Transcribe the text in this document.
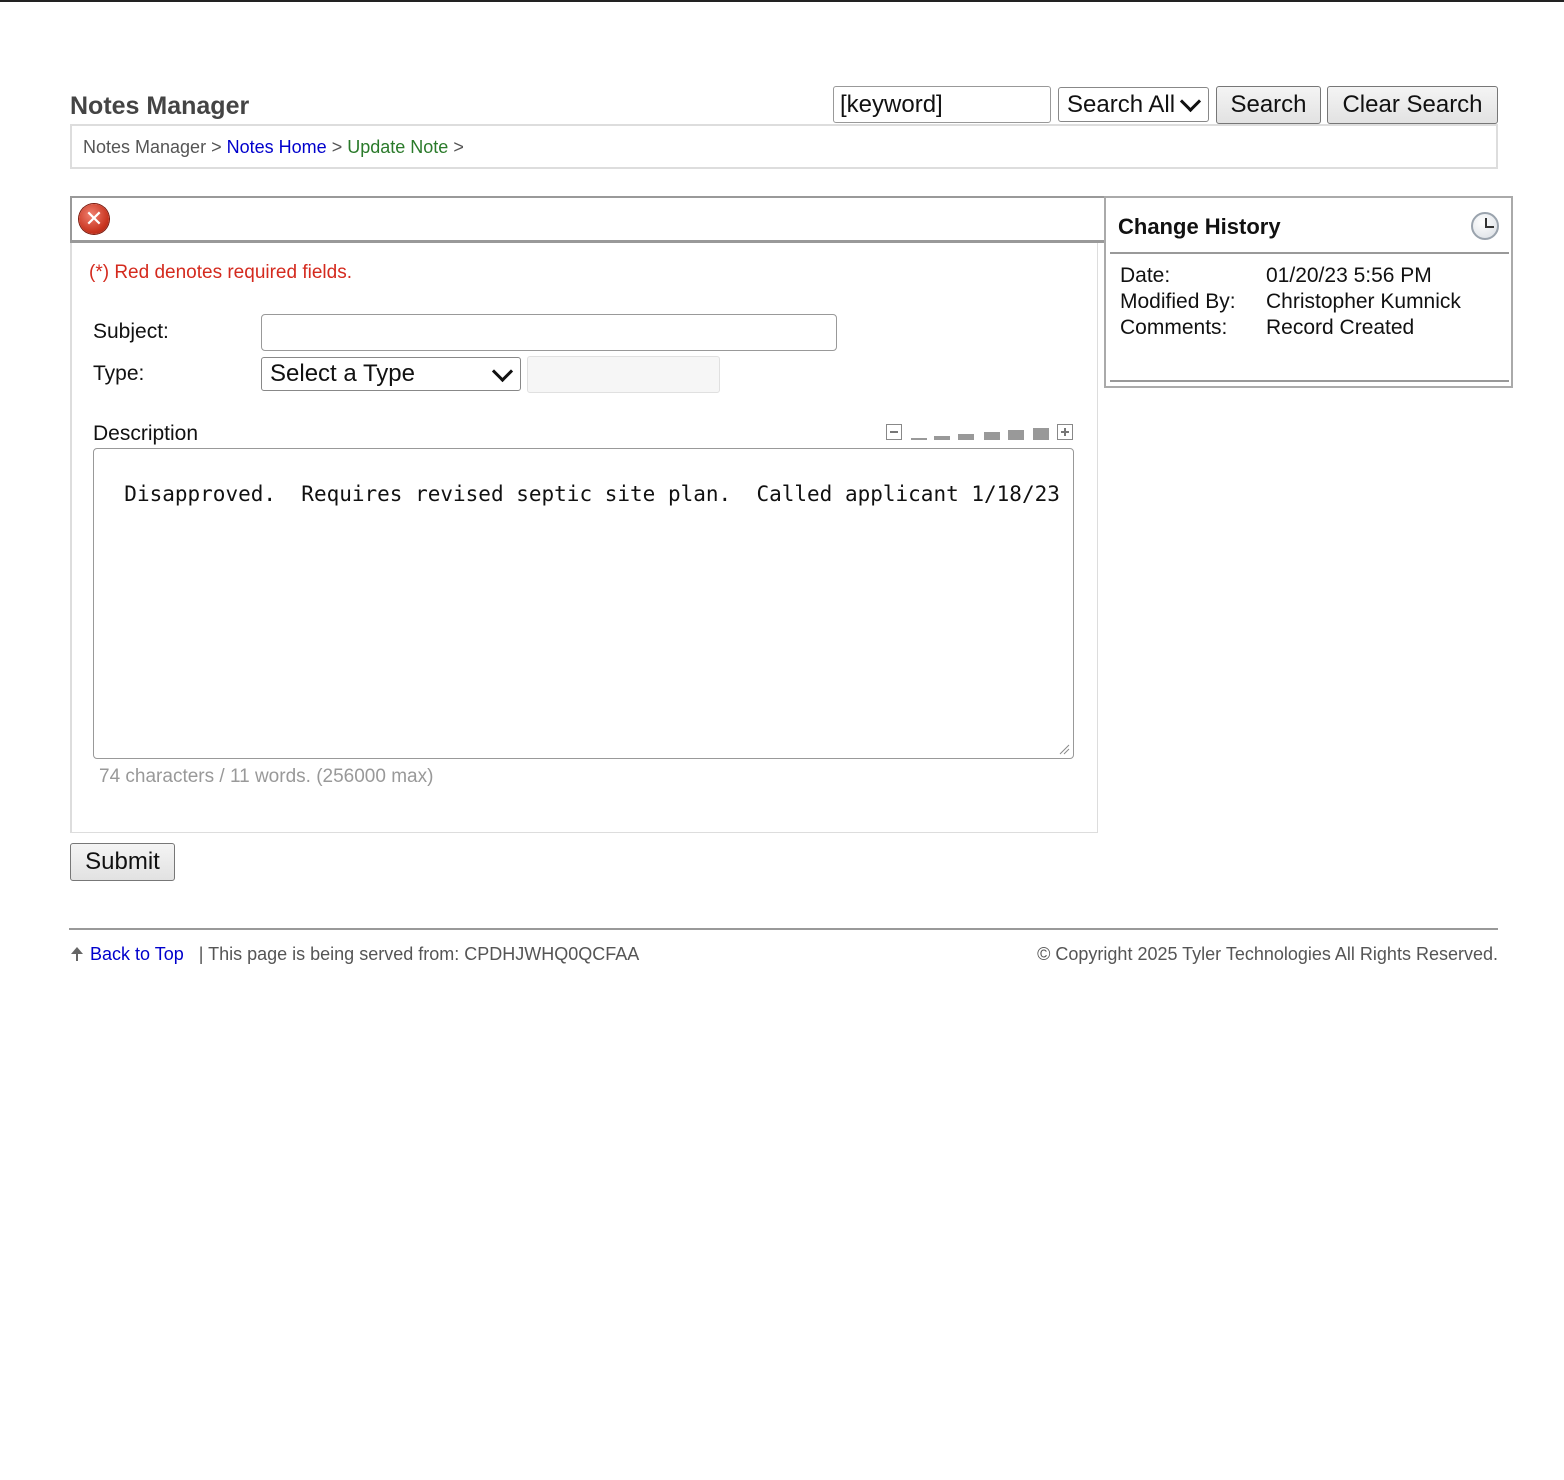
Notes Manager
[keyword]	Search All	Search	Clear Search
Notes Manager > Notes Home > Update Note >
✕
(*) Red denotes required fields.
Subject:
Type:	Select a Type
Description

Disapproved.  Requires revised septic site plan.  Called applicant 1/18/23

74 characters / 11 words. (256000 max)
Submit
Change History
Date:	01/20/23 5:56 PM
Modified By: Christopher Kumnick
Comments: Record Created
Back to Top | This page is being served from: CPDHJWHQ0QCFAA	© Copyright 2025 Tyler Technologies All Rights Reserved.
